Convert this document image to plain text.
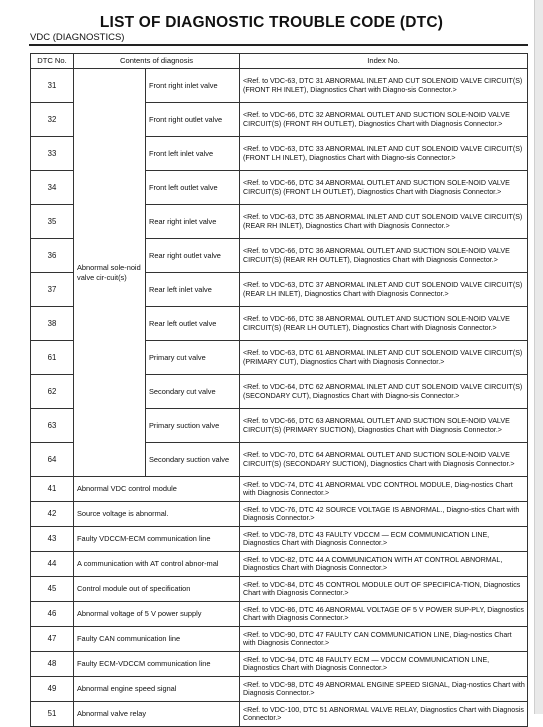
LIST OF DIAGNOSTIC TROUBLE CODE (DTC)
VDC (DIAGNOSTICS)
DTC No.	Contents of diagnosis		Index No.
31	Abnormal sole-noid valve cir-cuit(s)	Front right inlet valve	<Ref. to VDC-63, DTC 31 ABNORMAL INLET AND CUT SOLENOID VALVE CIRCUIT(S) (FRONT RH INLET), Diagnostics Chart with Diagno-sis Connector.>
32		Front right outlet valve	<Ref. to VDC-66, DTC 32 ABNORMAL OUTLET AND SUCTION SOLE-NOID VALVE CIRCUIT(S) (FRONT RH OUTLET), Diagnostics Chart with Diagnosis Connector.>
33		Front left inlet valve	<Ref. to VDC-63, DTC 33 ABNORMAL INLET AND CUT SOLENOID VALVE CIRCUIT(S) (FRONT LH INLET), Diagnostics Chart with Diagno-sis Connector.>
34		Front left outlet valve	<Ref. to VDC-66, DTC 34 ABNORMAL OUTLET AND SUCTION SOLE-NOID VALVE CIRCUIT(S) (FRONT LH OUTLET), Diagnostics Chart with Diagnosis Connector.>
35		Rear right inlet valve	<Ref. to VDC-63, DTC 35 ABNORMAL INLET AND CUT SOLENOID VALVE CIRCUIT(S) (REAR RH INLET), Diagnostics Chart with Diagnosis Connector.>
36		Rear right outlet valve	<Ref. to VDC-66, DTC 36 ABNORMAL OUTLET AND SUCTION SOLE-NOID VALVE CIRCUIT(S) (REAR RH OUTLET), Diagnostics Chart with Diagnosis Connector.>
37		Rear left inlet valve	<Ref. to VDC-63, DTC 37 ABNORMAL INLET AND CUT SOLENOID VALVE CIRCUIT(S) (REAR LH INLET), Diagnostics Chart with Diagnosis Connector.>
38		Rear left outlet valve	<Ref. to VDC-66, DTC 38 ABNORMAL OUTLET AND SUCTION SOLE-NOID VALVE CIRCUIT(S) (REAR LH OUTLET), Diagnostics Chart with Diagnosis Connector.>
61		Primary cut valve	<Ref. to VDC-63, DTC 61 ABNORMAL INLET AND CUT SOLENOID VALVE CIRCUIT(S) (PRIMARY CUT), Diagnostics Chart with Diagnosis Connector.>
62		Secondary cut valve	<Ref. to VDC-64, DTC 62 ABNORMAL INLET AND CUT SOLENOID VALVE CIRCUIT(S) (SECONDARY CUT), Diagnostics Chart with Diagno-sis Connector.>
63		Primary suction valve	<Ref. to VDC-66, DTC 63 ABNORMAL OUTLET AND SUCTION SOLE-NOID VALVE CIRCUIT(S) (PRIMARY SUCTION), Diagnostics Chart with Diagnosis Connector.>
64		Secondary suction valve	<Ref. to VDC-70, DTC 64 ABNORMAL OUTLET AND SUCTION SOLE-NOID VALVE CIRCUIT(S) (SECONDARY SUCTION), Diagnostics Chart with Diagnosis Connector.>
41	Abnormal VDC control module		<Ref. to VDC-74, DTC 41 ABNORMAL VDC CONTROL MODULE, Diag-nostics Chart with Diagnosis Connector.>
42	Source voltage is abnormal.		<Ref. to VDC-76, DTC 42 SOURCE VOLTAGE IS ABNORMAL., Diagno-stics Chart with Diagnosis Connector.>
43	Faulty VDCCM-ECM communication line		<Ref. to VDC-78, DTC 43 FAULTY VDCCM — ECM COMMUNICATION LINE, Diagnostics Chart with Diagnosis Connector.>
44	A communication with AT control abnor-mal		<Ref. to VDC-82, DTC 44 A COMMUNICATION WITH AT CONTROL ABNORMAL, Diagnostics Chart with Diagnosis Connector.>
45	Control module out of specification		<Ref. to VDC-84, DTC 45 CONTROL MODULE OUT OF SPECIFICA-TION, Diagnostics Chart with Diagnosis Connector.>
46	Abnormal voltage of 5 V power supply		<Ref. to VDC-86, DTC 46 ABNORMAL VOLTAGE OF 5 V POWER SUP-PLY, Diagnostics Chart with Diagnosis Connector.>
47	Faulty CAN communication line		<Ref. to VDC-90, DTC 47 FAULTY CAN COMMUNICATION LINE, Diag-nostics Chart with Diagnosis Connector.>
48	Faulty ECM-VDCCM communication line		<Ref. to VDC-94, DTC 48 FAULTY ECM — VDCCM COMMUNICATION LINE, Diagnostics Chart with Diagnosis Connector.>
49	Abnormal engine speed signal		<Ref. to VDC-98, DTC 49 ABNORMAL ENGINE SPEED SIGNAL, Diag-nostics Chart with Diagnosis Connector.>
51	Abnormal valve relay		<Ref. to VDC-100, DTC 51 ABNORMAL VALVE RELAY, Diagnostics Chart with Diagnosis Connector.>
